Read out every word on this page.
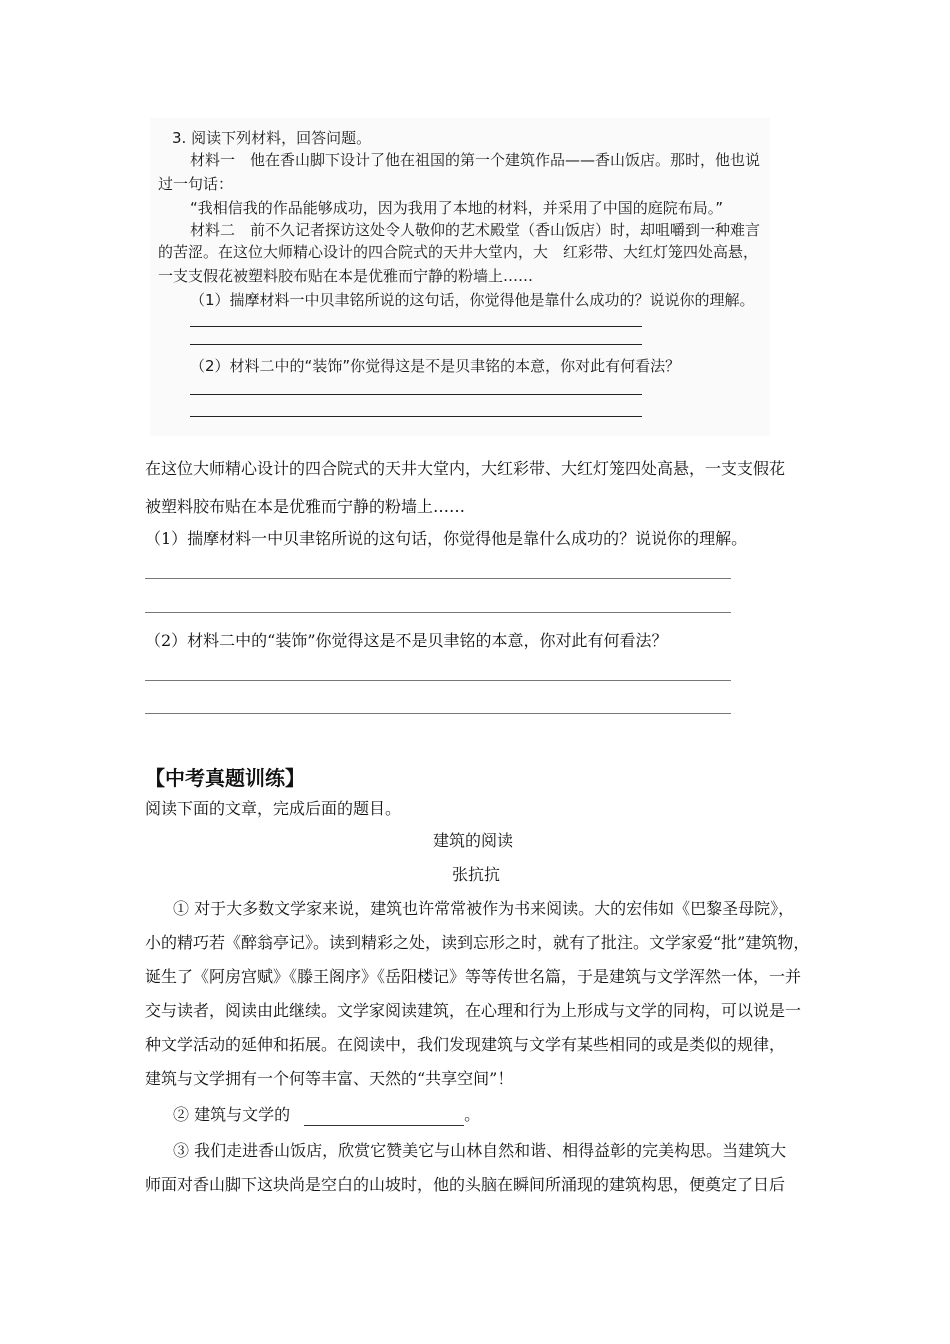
3. 阅读下列材料，回答问题。
材料一　他在香山脚下设计了他在祖国的第一个建筑作品——香山饭店。那时，他也说
过一句话：
“我相信我的作品能够成功，因为我用了本地的材料，并采用了中国的庭院布局。”
材料二　前不久记者探访这处令人敬仰的艺术殿堂（香山饭店）时，却咀嚼到一种难言
的苦涩。在这位大师精心设计的四合院式的天井大堂内，大　红彩带、大红灯笼四处高悬，
一支支假花被塑料胶布贴在本是优雅而宁静的粉墙上……
（1）揣摩材料一中贝聿铭所说的这句话，你觉得他是靠什么成功的？说说你的理解。
（2）材料二中的“装饰”你觉得这是不是贝聿铭的本意，你对此有何看法？
在这位大师精心设计的四合院式的天井大堂内，大红彩带、大红灯笼四处高悬，一支支假花
被塑料胶布贴在本是优雅而宁静的粉墙上……
（1）揣摩材料一中贝聿铭所说的这句话，你觉得他是靠什么成功的？说说你的理解。
（2）材料二中的“装饰”你觉得这是不是贝聿铭的本意，你对此有何看法？
【中考真题训练】
阅读下面的文章，完成后面的题目。
建筑的阅读
张抗抗
① 对于大多数文学家来说，建筑也许常常被作为书来阅读。大的宏伟如《巴黎圣母院》，
小的精巧若《醉翁亭记》。读到精彩之处，读到忘形之时，就有了批注。文学家爱“批”建筑物，
诞生了《阿房宫赋》《滕王阁序》《岳阳楼记》等等传世名篇，于是建筑与文学浑然一体，一并
交与读者，阅读由此继续。文学家阅读建筑，在心理和行为上形成与文学的同构，可以说是一
种文学活动的延伸和拓展。在阅读中，我们发现建筑与文学有某些相同的或是类似的规律，
建筑与文学拥有一个何等丰富、天然的“共享空间”！
② 建筑与文学的	。
③ 我们走进香山饭店，欣赏它赞美它与山林自然和谐、相得益彰的完美构思。当建筑大
师面对香山脚下这块尚是空白的山坡时，他的头脑在瞬间所涌现的建筑构思，便奠定了日后
